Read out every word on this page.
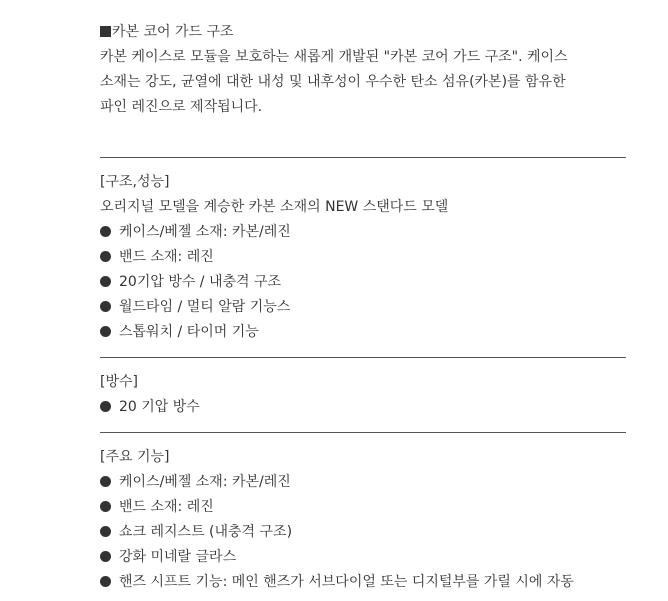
카본 코어 가드 구조
카본 케이스로 모듈을 보호하는 새롭게 개발된 "카본 코어 가드 구조". 케이스
소재는 강도, 균열에 대한 내성 및 내후성이 우수한 탄소 섬유(카본)를 함유한
파인 레진으로 제작됩니다.
[구조,성능]
오리지널 모델을 계승한 카본 소재의 NEW 스탠다드 모델
케이스/베젤 소재: 카본/레진
밴드 소재: 레진
20기압 방수 / 내충격 구조
월드타임 / 멀티 알람 기능스
스톱워치 / 타이머 기능
[방수]
20 기압 방수
[주요 기능]
케이스/베젤 소재: 카본/레진
밴드 소재: 레진
쇼크 레지스트 (내충격 구조)
강화 미네랄 글라스
핸즈 시프트 기능: 메인 핸즈가 서브다이얼 또는 디지털부를 가릴 시에 자동
